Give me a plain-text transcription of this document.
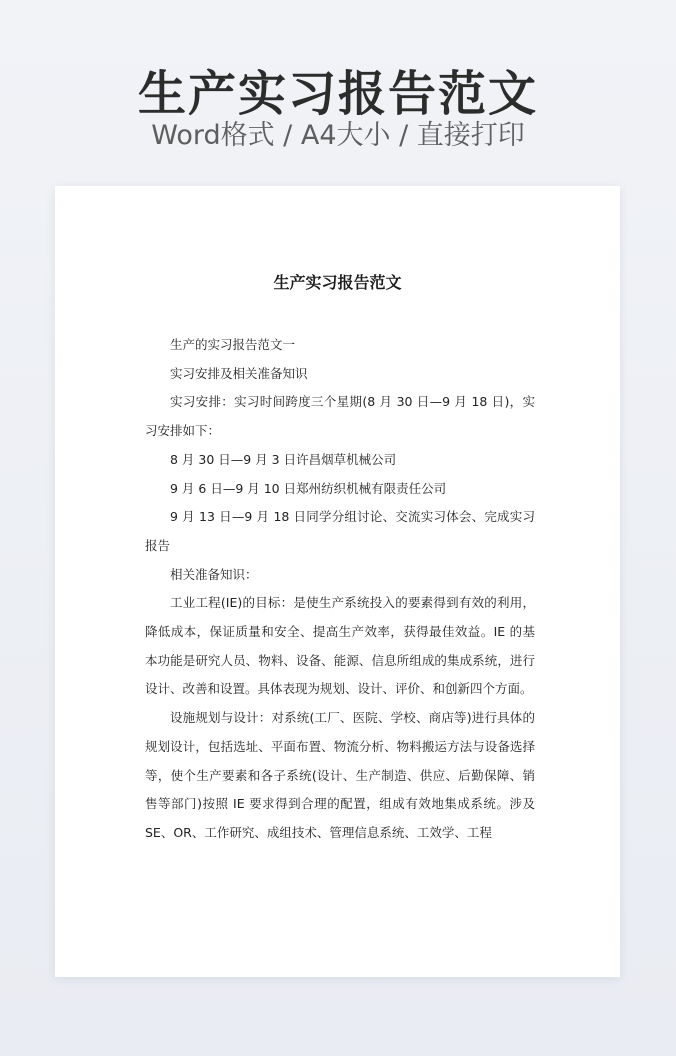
生产实习报告范文
Word格式 / A4大小 / 直接打印
生产实习报告范文

生产的实习报告范文一

实习安排及相关准备知识

实习安排：实习时间跨度三个星期(8 月 30 日—9 月 18 日)，实习安排如下：

8 月 30 日—9 月 3 日许昌烟草机械公司

9 月 6 日—9 月 10 日郑州纺织机械有限责任公司

9 月 13 日—9 月 18 日同学分组讨论、交流实习体会、完成实习报告

相关准备知识：

工业工程(IE)的目标：是使生产系统投入的要素得到有效的利用，降低成本，保证质量和安全、提高生产效率，获得最佳效益。IE 的基本功能是研究人员、物料、设备、能源、信息所组成的集成系统，进行设计、改善和设置。具体表现为规划、设计、评价、和创新四个方面。

设施规划与设计：对系统(工厂、医院、学校、商店等)进行具体的规划设计，包括选址、平面布置、物流分析、物料搬运方法与设备选择等，使个生产要素和各子系统(设计、生产制造、供应、后勤保障、销售等部门)按照 IE 要求得到合理的配置，组成有效地集成系统。涉及 SE、OR、工作研究、成组技术、管理信息系统、工效学、工程
